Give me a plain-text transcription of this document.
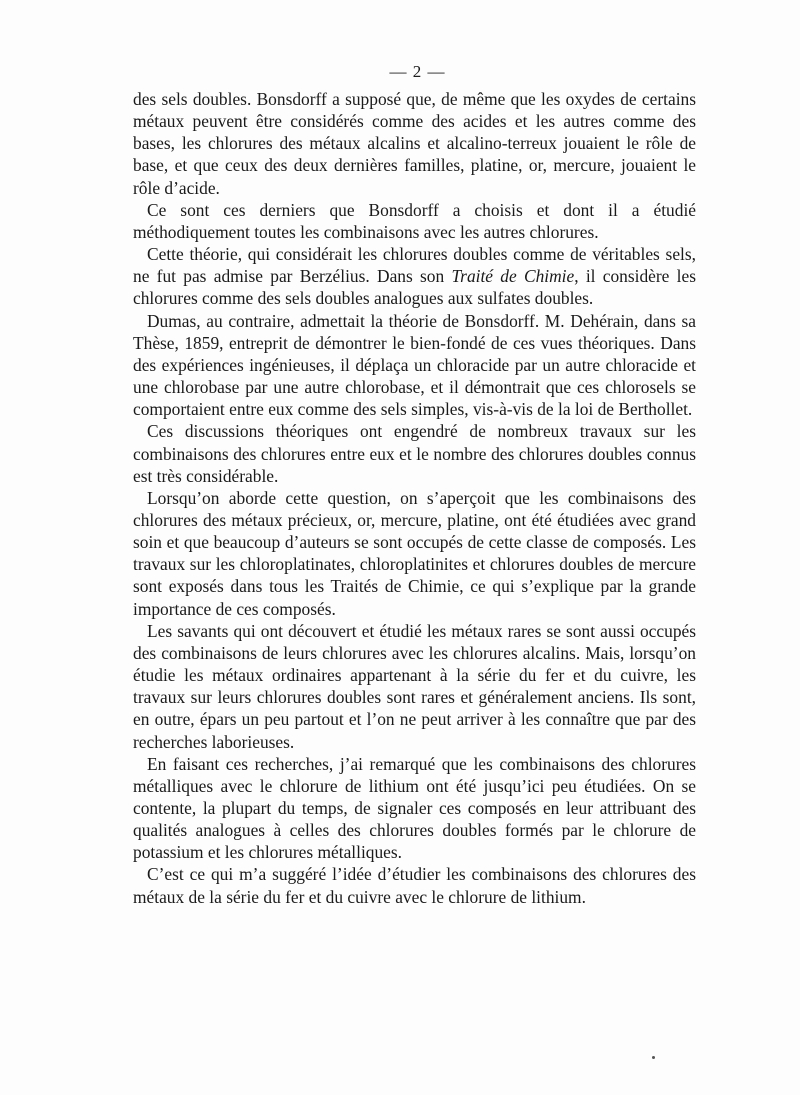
— 2 —

des sels doubles. Bonsdorff a supposé que, de même que les oxydes de certains métaux peuvent être considérés comme des acides et les autres comme des bases, les chlorures des métaux alcalins et alcalino-terreux jouaient le rôle de base, et que ceux des deux dernières familles, platine, or, mercure, jouaient le rôle d’acide.

Ce sont ces derniers que Bonsdorff a choisis et dont il a étudié méthodiquement toutes les combinaisons avec les autres chlorures.

Cette théorie, qui considérait les chlorures doubles comme de véritables sels, ne fut pas admise par Berzélius. Dans son Traité de Chimie, il considère les chlorures comme des sels doubles analogues aux sulfates doubles.

Dumas, au contraire, admettait la théorie de Bonsdorff. M. Dehérain, dans sa Thèse, 1859, entreprit de démontrer le bien-fondé de ces vues théoriques. Dans des expériences ingénieuses, il déplaça un chloracide par un autre chloracide et une chlorobase par une autre chlorobase, et il démontrait que ces chlorosels se comportaient entre eux comme des sels simples, vis-à-vis de la loi de Berthollet.

Ces discussions théoriques ont engendré de nombreux travaux sur les combinaisons des chlorures entre eux et le nombre des chlorures doubles connus est très considérable.

Lorsqu’on aborde cette question, on s’aperçoit que les combinaisons des chlorures des métaux précieux, or, mercure, platine, ont été étudiées avec grand soin et que beaucoup d’auteurs se sont occupés de cette classe de composés. Les travaux sur les chloroplatinates, chloroplatinites et chlorures doubles de mercure sont exposés dans tous les Traités de Chimie, ce qui s’explique par la grande importance de ces composés.

Les savants qui ont découvert et étudié les métaux rares se sont aussi occupés des combinaisons de leurs chlorures avec les chlorures alcalins. Mais, lorsqu’on étudie les métaux ordinaires appartenant à la série du fer et du cuivre, les travaux sur leurs chlorures doubles sont rares et généralement anciens. Ils sont, en outre, épars un peu partout et l’on ne peut arriver à les connaître que par des recherches laborieuses.

En faisant ces recherches, j’ai remarqué que les combinaisons des chlorures métalliques avec le chlorure de lithium ont été jusqu’ici peu étudiées. On se contente, la plupart du temps, de signaler ces composés en leur attribuant des qualités analogues à celles des chlorures doubles formés par le chlorure de potassium et les chlorures métalliques.

C’est ce qui m’a suggéré l’idée d’étudier les combinaisons des chlorures des métaux de la série du fer et du cuivre avec le chlorure de lithium.
